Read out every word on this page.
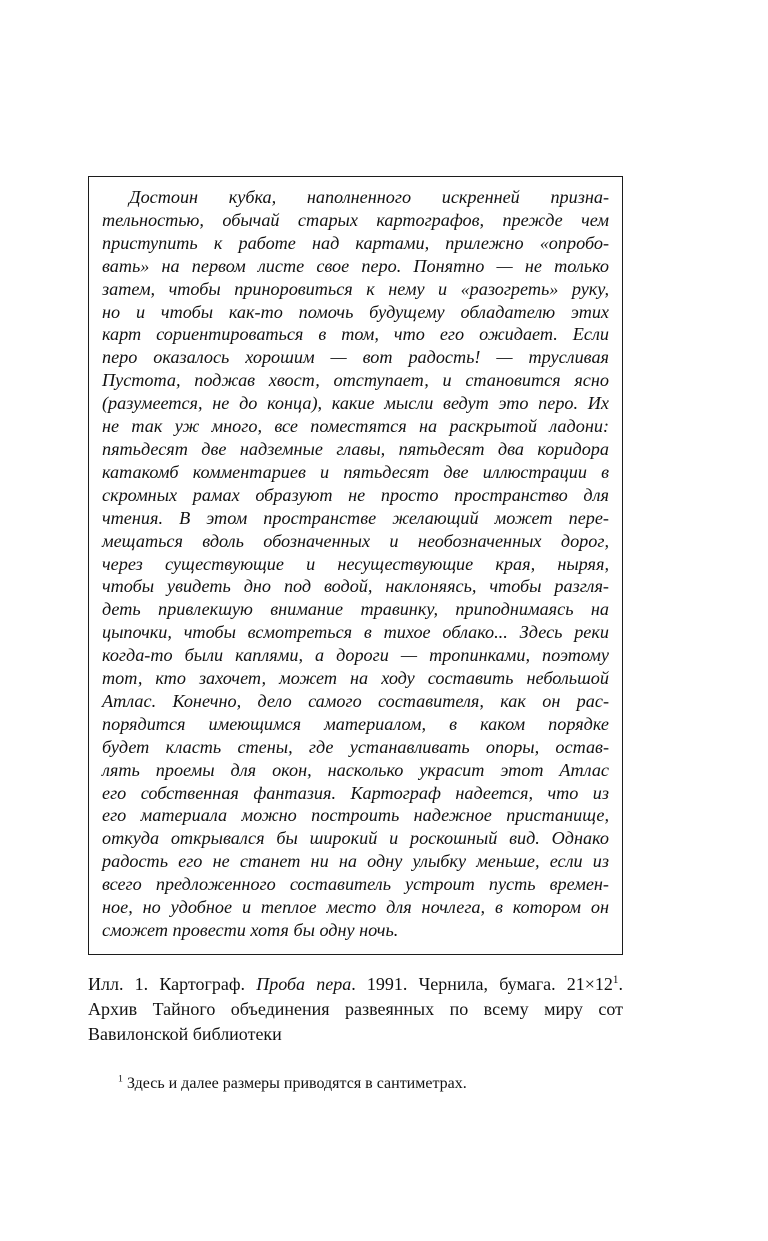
Достоин кубка, наполненного искренней призна-
тельностью, обычай старых картографов, прежде чем
приступить к работе над картами, прилежно «опробо-
вать» на первом листе свое перо. Понятно — не только
затем, чтобы приноровиться к нему и «разогреть» руку,
но и чтобы как-то помочь будущему обладателю этих
карт сориентироваться в том, что его ожидает. Если
перо оказалось хорошим — вот радость! — трусливая
Пустота, поджав хвост, отступает, и становится ясно
(разумеется, не до конца), какие мысли ведут это перо. Их
не так уж много, все поместятся на раскрытой ладони:
пятьдесят две надземные главы, пятьдесят два коридора
катакомб комментариев и пятьдесят две иллюстрации в
скромных рамах образуют не просто пространство для
чтения. В этом пространстве желающий может пере-
мещаться вдоль обозначенных и необозначенных дорог,
через существующие и несуществующие края, ныряя,
чтобы увидеть дно под водой, наклоняясь, чтобы разгля-
деть привлекшую внимание травинку, приподнимаясь на
цыпочки, чтобы всмотреться в тихое облако... Здесь реки
когда-то были каплями, а дороги — тропинками, поэтому
тот, кто захочет, может на ходу составить небольшой
Атлас. Конечно, дело самого составителя, как он рас-
порядится имеющимся материалом, в каком порядке
будет класть стены, где устанавливать опоры, остав-
лять проемы для окон, насколько украсит этот Атлас
его собственная фантазия. Картограф надеется, что из
его материала можно построить надежное пристанище,
откуда открывался бы широкий и роскошный вид. Однако
радость его не станет ни на одну улыбку меньше, если из
всего предложенного составитель устроит пусть времен-
ное, но удобное и теплое место для ночлега, в котором он
сможет провести хотя бы одну ночь.

Илл. 1. Картограф. Проба пера. 1991. Чернила, бумага. $21\times 12^1$. Архив Тайного объединения развеянных по всему миру сот Вавилонской библиотеки

$^1$ Здесь и далее размеры приводятся в сантиметрах.
